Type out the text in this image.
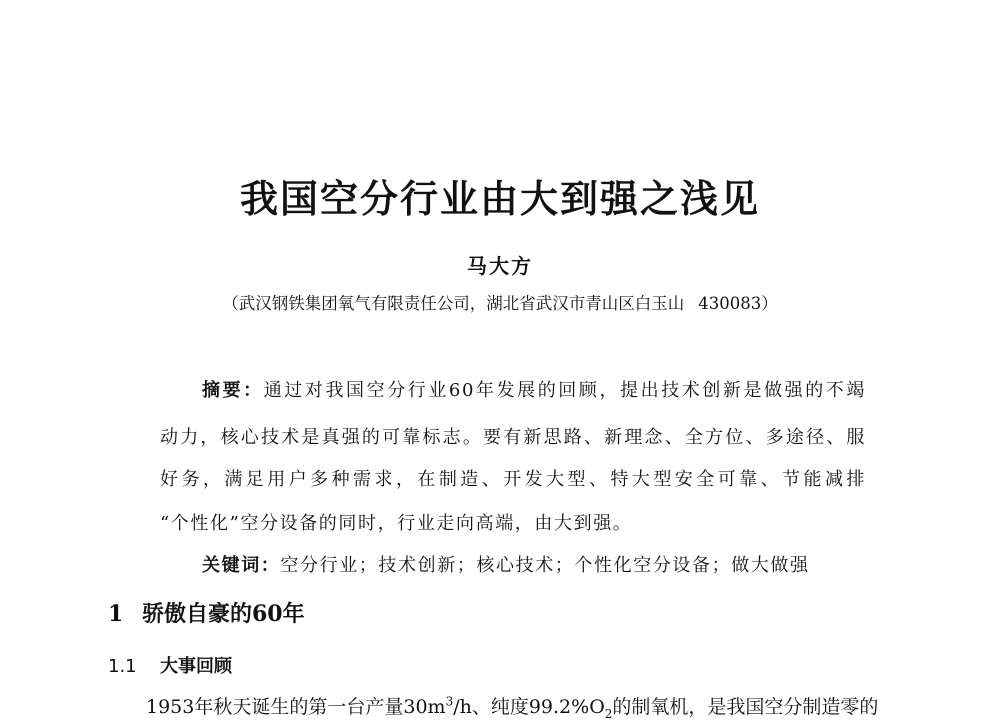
我国空分行业由大到强之浅见
马大方
（武汉钢铁集团氧气有限责任公司，湖北省武汉市青山区白玉山 430083）
摘要：通过对我国空分行业60年发展的回顾，提出技术创新是做强的不竭
动力，核心技术是真强的可靠标志。要有新思路、新理念、全方位、多途径、服
好务，满足用户多种需求，在制造、开发大型、特大型安全可靠、节能减排
“个性化”空分设备的同时，行业走向高端，由大到强。
关键词：空分行业；技术创新；核心技术；个性化空分设备；做大做强
1 骄傲自豪的60年
1.1 大事回顾
1953年秋天诞生的第一台产量$30m^3/h$、纯度$99.2\%O_2$的制氧机，是我国空分制造零的
